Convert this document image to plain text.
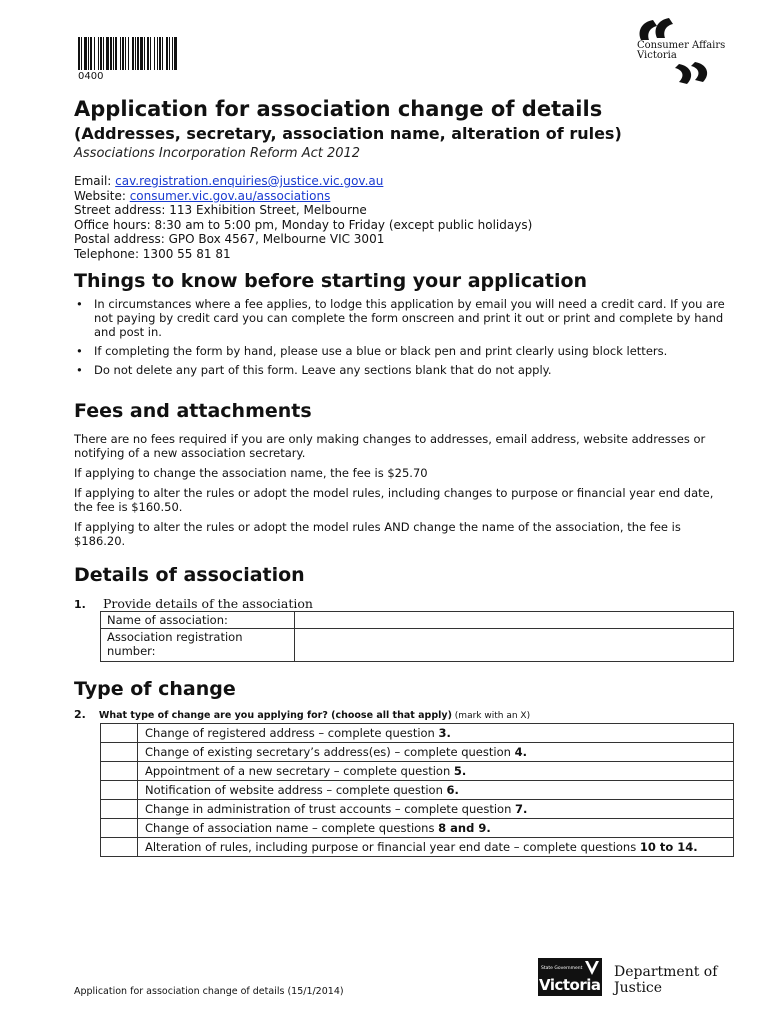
0400
Consumer Affairs
Victoria
Application for association change of details
(Addresses, secretary, association name, alteration of rules)
Associations Incorporation Reform Act 2012
Email: cav.registration.enquiries@justice.vic.gov.au
Website: consumer.vic.gov.au/associations
Street address: 113 Exhibition Street, Melbourne
Office hours: 8:30 am to 5:00 pm, Monday to Friday (except public holidays)
Postal address: GPO Box 4567, Melbourne VIC 3001
Telephone: 1300 55 81 81
Things to know before starting your application
• In circumstances where a fee applies, to lodge this application by email you will need a credit card. If you are not paying by credit card you can complete the form onscreen and print it out or print and complete by hand and post in.
• If completing the form by hand, please use a blue or black pen and print clearly using block letters.
• Do not delete any part of this form. Leave any sections blank that do not apply.
Fees and attachments

There are no fees required if you are only making changes to addresses, email address, website addresses or notifying of a new association secretary.

If applying to change the association name, the fee is $25.70

If applying to alter the rules or adopt the model rules, including changes to purpose or financial year end date, the fee is $160.50.

If applying to alter the rules or adopt the model rules AND change the name of the association, the fee is $186.20.

Details of association
1. Provide details of the association
Name of association:	
Association registration number:	
Type of change
2. What type of change are you applying for? (choose all that apply) (mark with an X)
	Change of registered address – complete question 3.
	Change of existing secretary’s address(es) – complete question 4.
	Appointment of a new secretary – complete question 5.
	Notification of website address – complete question 6.
	Change in administration of trust accounts – complete question 7.
	Change of association name – complete questions 8 and 9.
	Alteration of rules, including purpose or financial year end date – complete questions 10 to 14.
Application for association change of details (15/1/2014)
State Government
Victoria
Department of
Justice
